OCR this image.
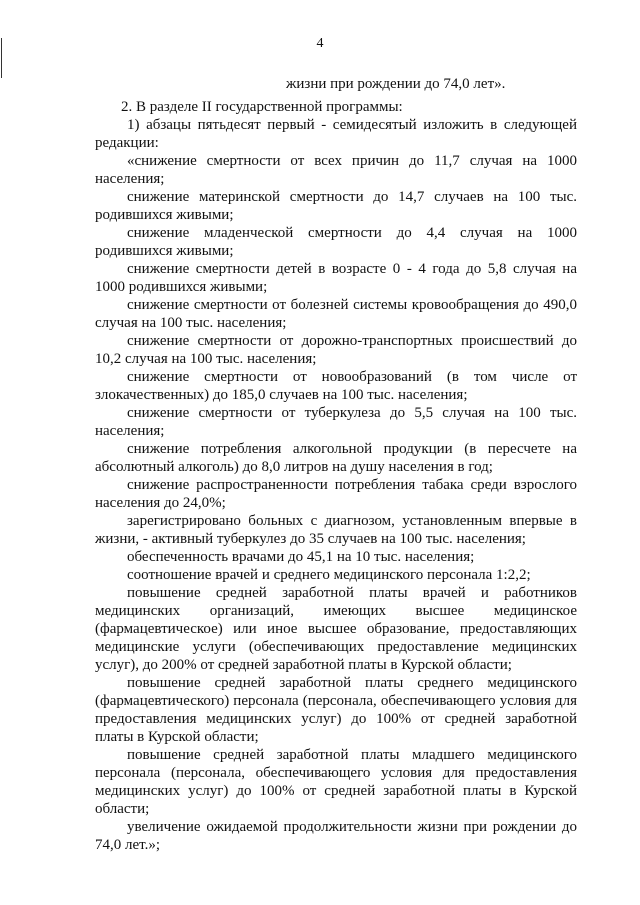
4
жизни при рождении до 74,0 лет».

2. В разделе II государственной программы:

1) абзацы пятьдесят первый - семидесятый изложить в следующей редакции:

«снижение смертности от всех причин до 11,7 случая на 1000 населения;

снижение материнской смертности до 14,7 случаев на 100 тыс. родившихся живыми;

снижение младенческой смертности до 4,4 случая на 1000 родившихся живыми;

снижение смертности детей в возрасте 0 - 4 года до 5,8 случая на 1000 родившихся живыми;

снижение смертности от болезней системы кровообращения до 490,0 случая на 100 тыс. населения;

снижение смертности от дорожно-транспортных происшествий до 10,2 случая на 100 тыс. населения;

снижение смертности от новообразований (в том числе от злокачественных) до 185,0 случаев на 100 тыс. населения;

снижение смертности от туберкулеза до 5,5 случая на 100 тыс. населения;

снижение потребления алкогольной продукции (в пересчете на абсолютный алкоголь) до 8,0 литров на душу населения в год;

снижение распространенности потребления табака среди взрослого населения до 24,0%;

зарегистрировано больных с диагнозом, установленным впервые в жизни, - активный туберкулез до 35 случаев на 100 тыс. населения;

обеспеченность врачами до 45,1 на 10 тыс. населения;

соотношение врачей и среднего медицинского персонала 1:2,2;

повышение средней заработной платы врачей и работников медицинских организаций, имеющих высшее медицинское (фармацевтическое) или иное высшее образование, предоставляющих медицинские услуги (обеспечивающих предоставление медицинских услуг), до 200% от средней заработной платы в Курской области;

повышение средней заработной платы среднего медицинского (фармацевтического) персонала (персонала, обеспечивающего условия для предоставления медицинских услуг) до 100% от средней заработной платы в Курской области;

повышение средней заработной платы младшего медицинского персонала (персонала, обеспечивающего условия для предоставления медицинских услуг) до 100% от средней заработной платы в Курской области;

увеличение ожидаемой продолжительности жизни при рождении до 74,0 лет.»;
